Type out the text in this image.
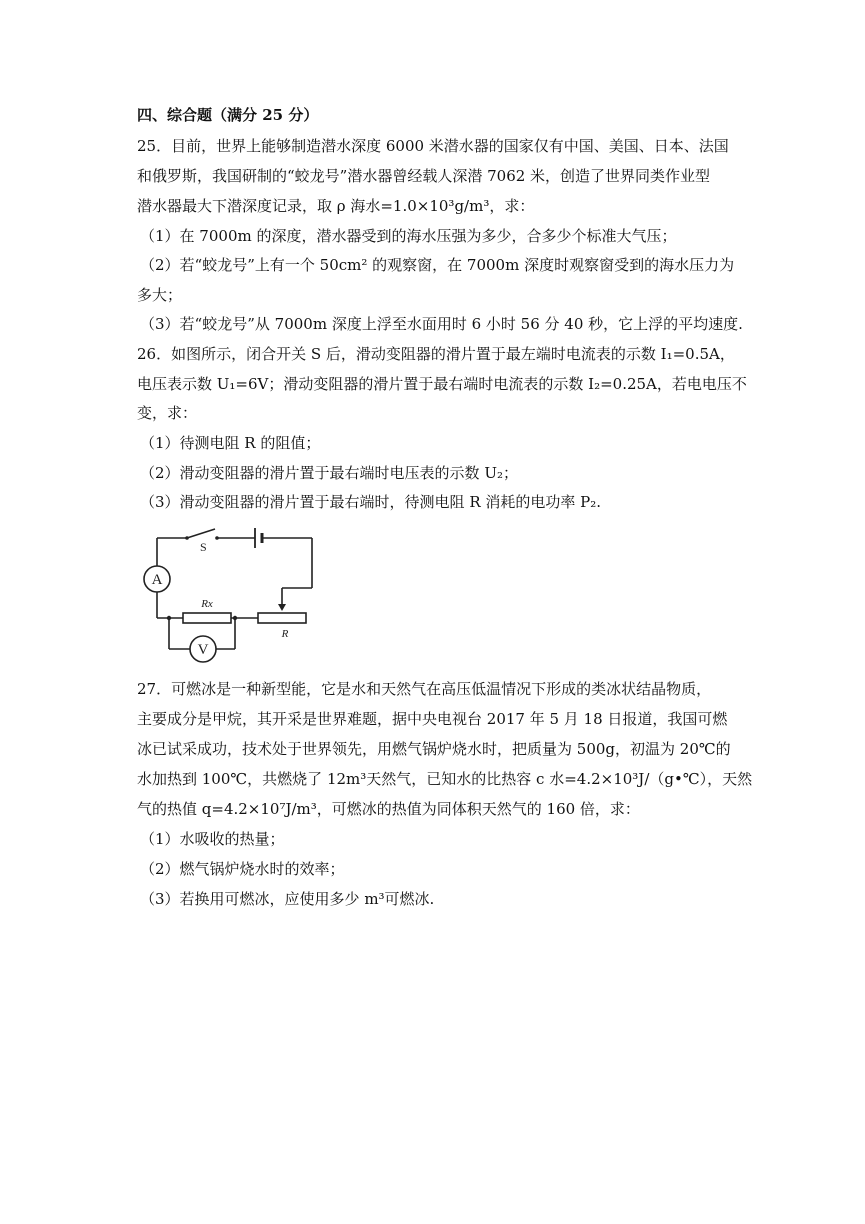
四、综合题（满分 25 分）
25．目前，世界上能够制造潜水深度 6000 米潜水器的国家仅有中国、美国、日本、法国
和俄罗斯，我国研制的“蛟龙号”潜水器曾经载人深潜 7062 米，创造了世界同类作业型
潜水器最大下潜深度记录，取 ρ 海水=1.0×10³g/m³，求：
（1）在 7000m 的深度，潜水器受到的海水压强为多少，合多少个标准大气压；
（2）若“蛟龙号”上有一个 50cm² 的观察窗，在 7000m 深度时观察窗受到的海水压力为
多大；
（3）若“蛟龙号”从 7000m 深度上浮至水面用时 6 小时 56 分 40 秒，它上浮的平均速度.
26．如图所示，闭合开关 S 后，滑动变阻器的滑片置于最左端时电流表的示数 I₁=0.5A，
电压表示数 U₁=6V；滑动变阻器的滑片置于最右端时电流表的示数 I₂=0.25A，若电电压不
变，求：
（1）待测电阻 R 的阻值；
（2）滑动变阻器的滑片置于最右端时电压表的示数 U₂；
（3）滑动变阻器的滑片置于最右端时，待测电阻 R 消耗的电功率 P₂.
S
A
V
Rx
R
27．可燃冰是一种新型能，它是水和天然气在高压低温情况下形成的类冰状结晶物质，
主要成分是甲烷，其开采是世界难题，据中央电视台 2017 年 5 月 18 日报道，我国可燃
冰已试采成功，技术处于世界领先，用燃气锅炉烧水时，把质量为 500g，初温为 20℃的
水加热到 100℃，共燃烧了 12m³天然气，已知水的比热容 c 水=4.2×10³J/（g•℃），天然
气的热值 q=4.2×10⁷J/m³，可燃冰的热值为同体积天然气的 160 倍，求：
（1）水吸收的热量；
（2）燃气锅炉烧水时的效率；
（3）若换用可燃冰，应使用多少 m³可燃冰.
